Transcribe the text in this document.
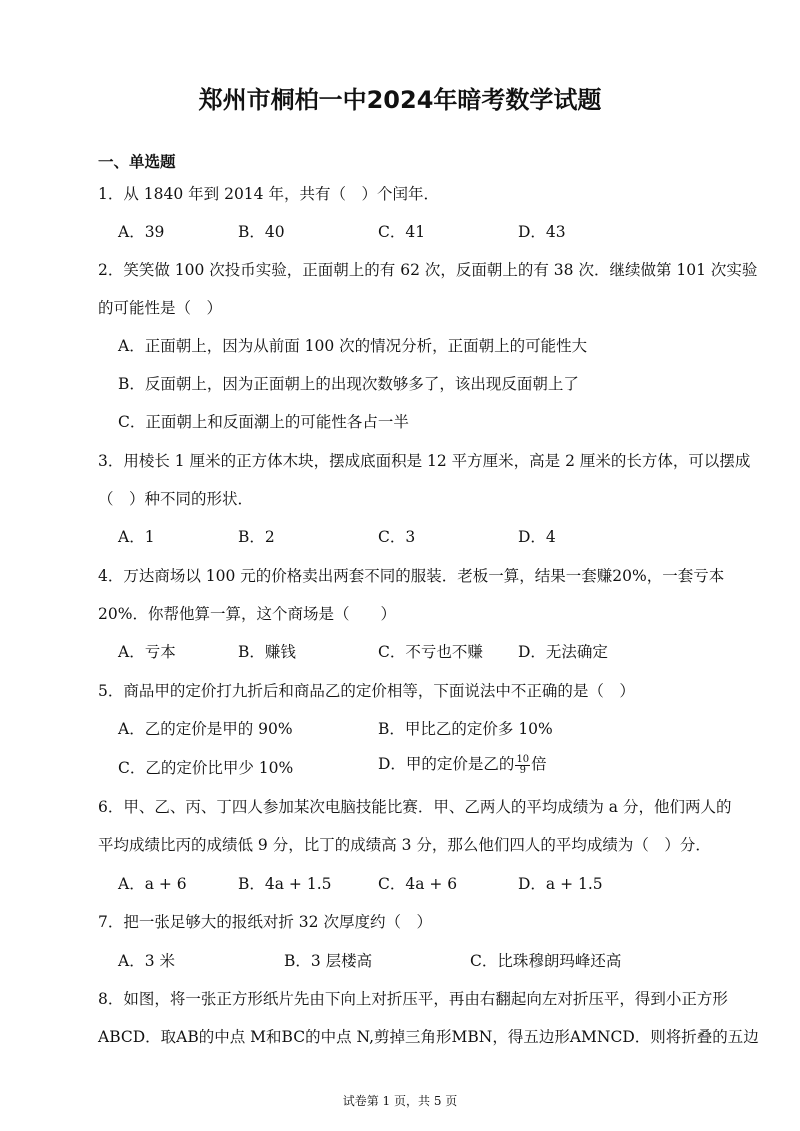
郑州市桐柏一中2024年暗考数学试题
一、单选题
1．从 1840 年到 2014 年，共有（　）个闰年．
A．39	B．40	C．41	D．43
2．笑笑做 100 次投币实验，正面朝上的有 62 次，反面朝上的有 38 次．继续做第 101 次实验
的可能性是（　）
A．正面朝上，因为从前面 100 次的情况分析，正面朝上的可能性大
B．反面朝上，因为正面朝上的出现次数够多了，该出现反面朝上了
C．正面朝上和反面潮上的可能性各占一半
3．用棱长 1 厘米的正方体木块，摆成底面积是 12 平方厘米，高是 2 厘米的长方体，可以摆成
（　）种不同的形状．
A．1	B．2	C．3	D．4
4．万达商场以 100 元的价格卖出两套不同的服装．老板一算，结果一套赚20%，一套亏本
20%．你帮他算一算，这个商场是（　　）
A．亏本	B．赚钱	C．不亏也不赚 D．无法确定
5．商品甲的定价打九折后和商品乙的定价相等，下面说法中不正确的是（　）
A．乙的定价是甲的 90%	B．甲比乙的定价多 10%
C．乙的定价比甲少 10%	D．甲的定价是乙的 $\frac{10}{9}$ 倍
6．甲、乙、丙、丁四人参加某次电脑技能比赛．甲、乙两人的平均成绩为 a 分，他们两人的
平均成绩比丙的成绩低 9 分，比丁的成绩高 3 分，那么他们四人的平均成绩为（　）分．
A．a + 6	B．4a + 1.5	C．4a + 6	D．a + 1.5
7．把一张足够大的报纸对折 32 次厚度约（　）
A．3 米	B．3 层楼高	C．比珠穆朗玛峰还高
8．如图，将一张正方形纸片先由下向上对折压平，再由右翻起向左对折压平，得到小正方形
ABCD．取AB的中点 M和BC的中点 N,剪掉三角形MBN，得五边形AMNCD．则将折叠的五边
试卷第 1 页，共 5 页
